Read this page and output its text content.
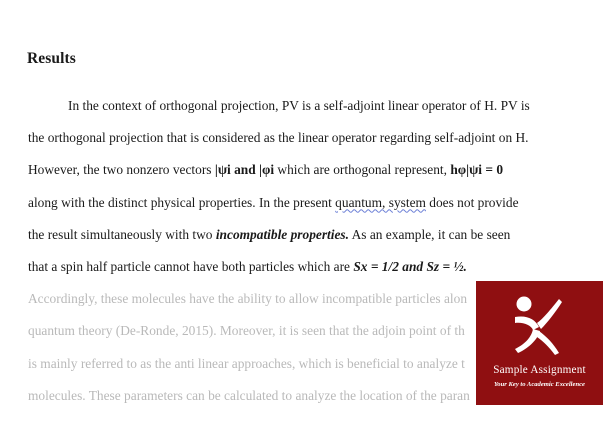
Results
In the context of orthogonal projection, PV is a self-adjoint linear operator of H. PV is
the orthogonal projection that is considered as the linear operator regarding self-adjoint on H.
However, the two nonzero vectors |ψi and |φi which are orthogonal represent, hφ|ψi = 0
along with the distinct physical properties. In the present quantum, system does not provide
the result simultaneously with two incompatible properties. As an example, it can be seen
that a spin half particle cannot have both particles which are Sx = 1/2 and Sz = ½.
Accordingly, these molecules have the ability to allow incompatible particles alon
quantum theory (De-Ronde, 2015). Moreover, it is seen that the adjoin point of th
is mainly referred to as the anti linear approaches, which is beneficial to analyze t
molecules. These parameters can be calculated to analyze the location of the paran
Sample Assignment
Your Key to Academic Excellence
